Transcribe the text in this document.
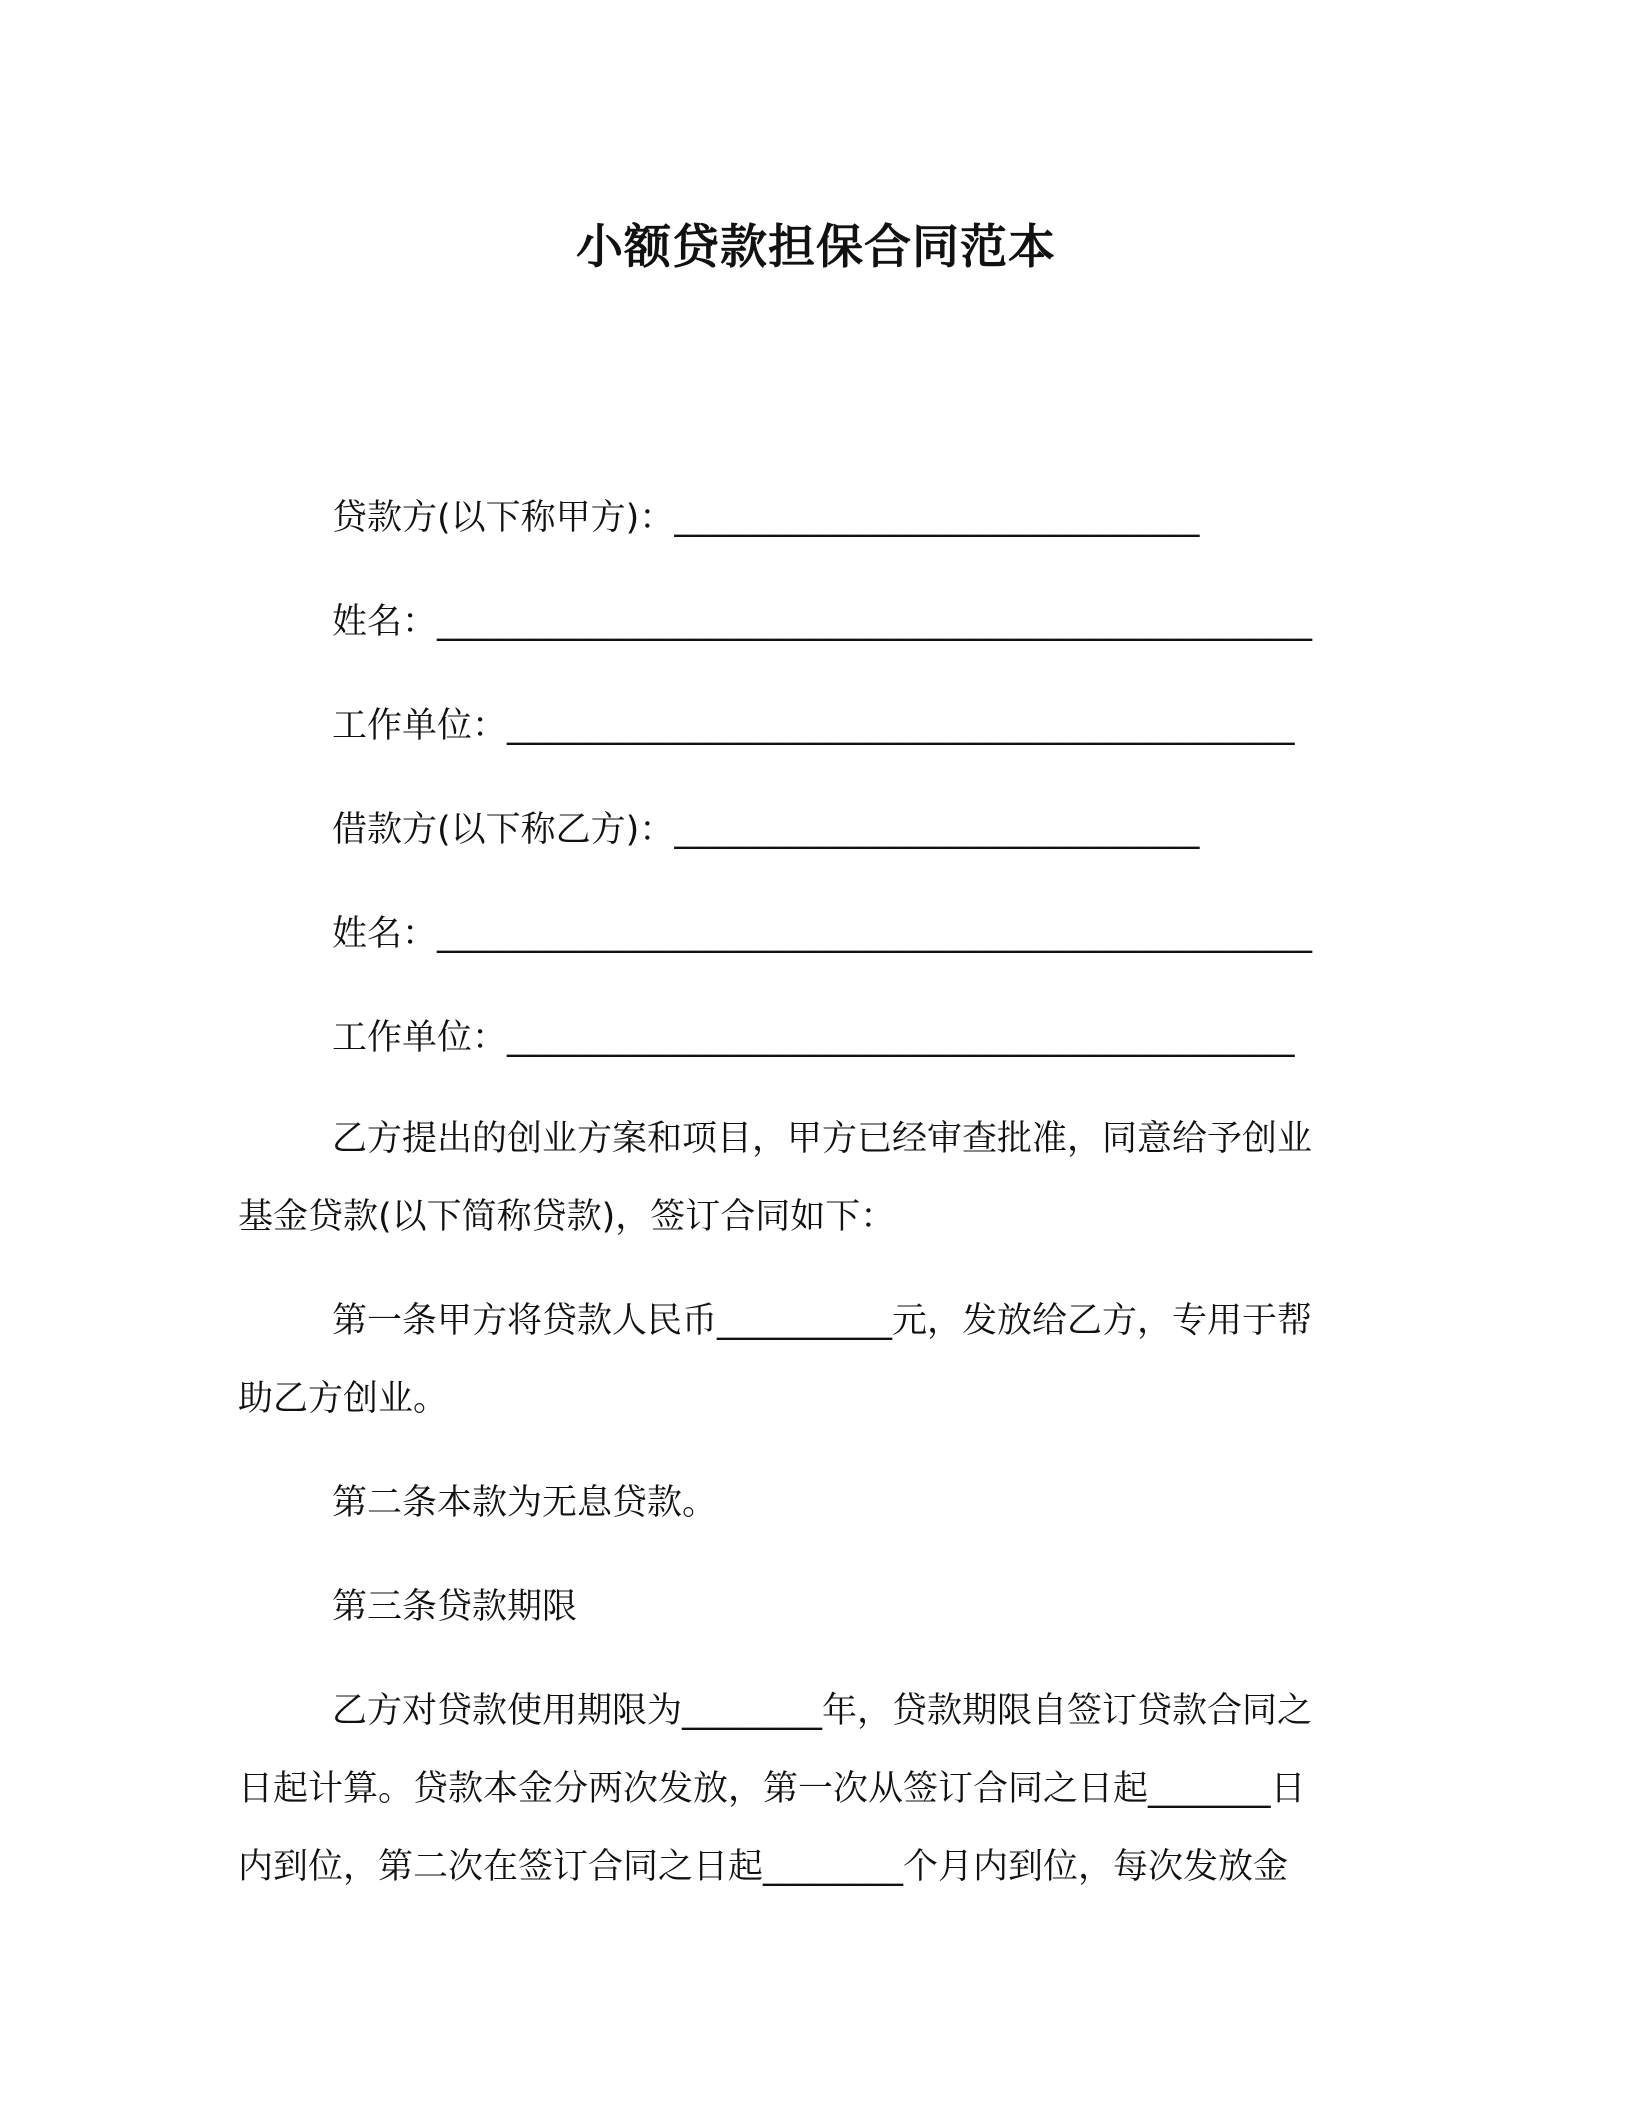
小额贷款担保合同范本
贷款方(以下称甲方)：______________________________
姓名：__________________________________________________
工作单位：_____________________________________________
借款方(以下称乙方)：______________________________
姓名：__________________________________________________
工作单位：_____________________________________________
乙方提出的创业方案和项目，甲方已经审查批准，同意给予创业
基金贷款(以下简称贷款)，签订合同如下：
第一条甲方将贷款人民币__________元，发放给乙方，专用于帮
助乙方创业。
第二条本款为无息贷款。
第三条贷款期限
乙方对贷款使用期限为________年，贷款期限自签订贷款合同之
日起计算。贷款本金分两次发放，第一次从签订合同之日起_______日
内到位，第二次在签订合同之日起________个月内到位，每次发放金
